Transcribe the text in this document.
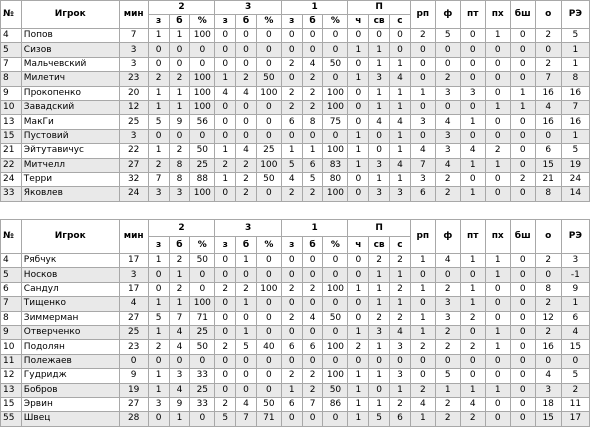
№	Игрок	мин	2			3			1			П			рп	ф	пт	пх	бш	о	РЭ
			з	б	%	з	б	%	з	б	%	ч	св	с							
4	Попов	7	1	1	100	0	0	0	0	0	0	0	0	0	2	5	0	1	0	2	5
5	Сизов	3	0	0	0	0	0	0	0	0	0	1	1	0	0	0	0	0	0	0	1
7	Мальчевский	3	0	0	0	0	0	0	2	4	50	0	1	1	0	0	0	0	0	2	1
8	Милетич	23	2	2	100	1	2	50	0	2	0	1	3	4	0	2	0	0	0	7	8
9	Прокопенко	20	1	1	100	4	4	100	2	2	100	0	1	1	1	3	3	0	1	16	16
10	Завадский	12	1	1	100	0	0	0	2	2	100	0	1	1	0	0	0	1	1	4	7
13	МакГи	25	5	9	56	0	0	0	6	8	75	0	4	4	3	4	1	0	0	16	16
15	Пустовий	3	0	0	0	0	0	0	0	0	0	1	0	1	0	3	0	0	0	0	1
21	Эйтутавичус	22	1	2	50	1	4	25	1	1	100	1	0	1	4	3	4	2	0	6	5
22	Митчелл	27	2	8	25	2	2	100	5	6	83	1	3	4	7	4	1	1	0	15	19
24	Терри	32	7	8	88	1	2	50	4	5	80	0	1	1	3	2	0	0	2	21	24
33	Яковлев	24	3	3	100	0	2	0	2	2	100	0	3	3	6	2	1	0	0	8	14
№	Игрок	мин	2			3			1			П			рп	ф	пт	пх	бш	о	РЭ
			з	б	%	з	б	%	з	б	%	ч	св	с							
4	Рябчук	17	1	2	50	0	1	0	0	0	0	0	2	2	1	4	1	1	0	2	3
5	Носков	3	0	1	0	0	0	0	0	0	0	0	1	1	0	0	0	1	0	0	-1
6	Сандул	17	0	2	0	2	2	100	2	2	100	1	1	2	1	2	1	0	0	8	9
7	Тищенко	4	1	1	100	0	1	0	0	0	0	0	1	1	0	3	1	0	0	2	1
8	Зиммерман	27	5	7	71	0	0	0	2	4	50	0	2	2	1	3	2	0	0	12	6
9	Отверченко	25	1	4	25	0	1	0	0	0	0	1	3	4	1	2	0	1	0	2	4
10	Подолян	23	2	4	50	2	5	40	6	6	100	2	1	3	2	2	2	1	0	16	15
11	Полежаев	0	0	0	0	0	0	0	0	0	0	0	0	0	0	0	0	0	0	0	0
12	Гудридж	9	1	3	33	0	0	0	2	2	100	1	1	3	0	5	0	0	0	4	5
13	Бобров	19	1	4	25	0	0	0	1	2	50	1	0	1	2	1	1	1	0	3	2
15	Эрвин	27	3	9	33	2	4	50	6	7	86	1	1	2	4	2	4	0	0	18	11
55	Швец	28	0	1	0	5	7	71	0	0	0	1	5	6	1	2	2	0	0	15	17
